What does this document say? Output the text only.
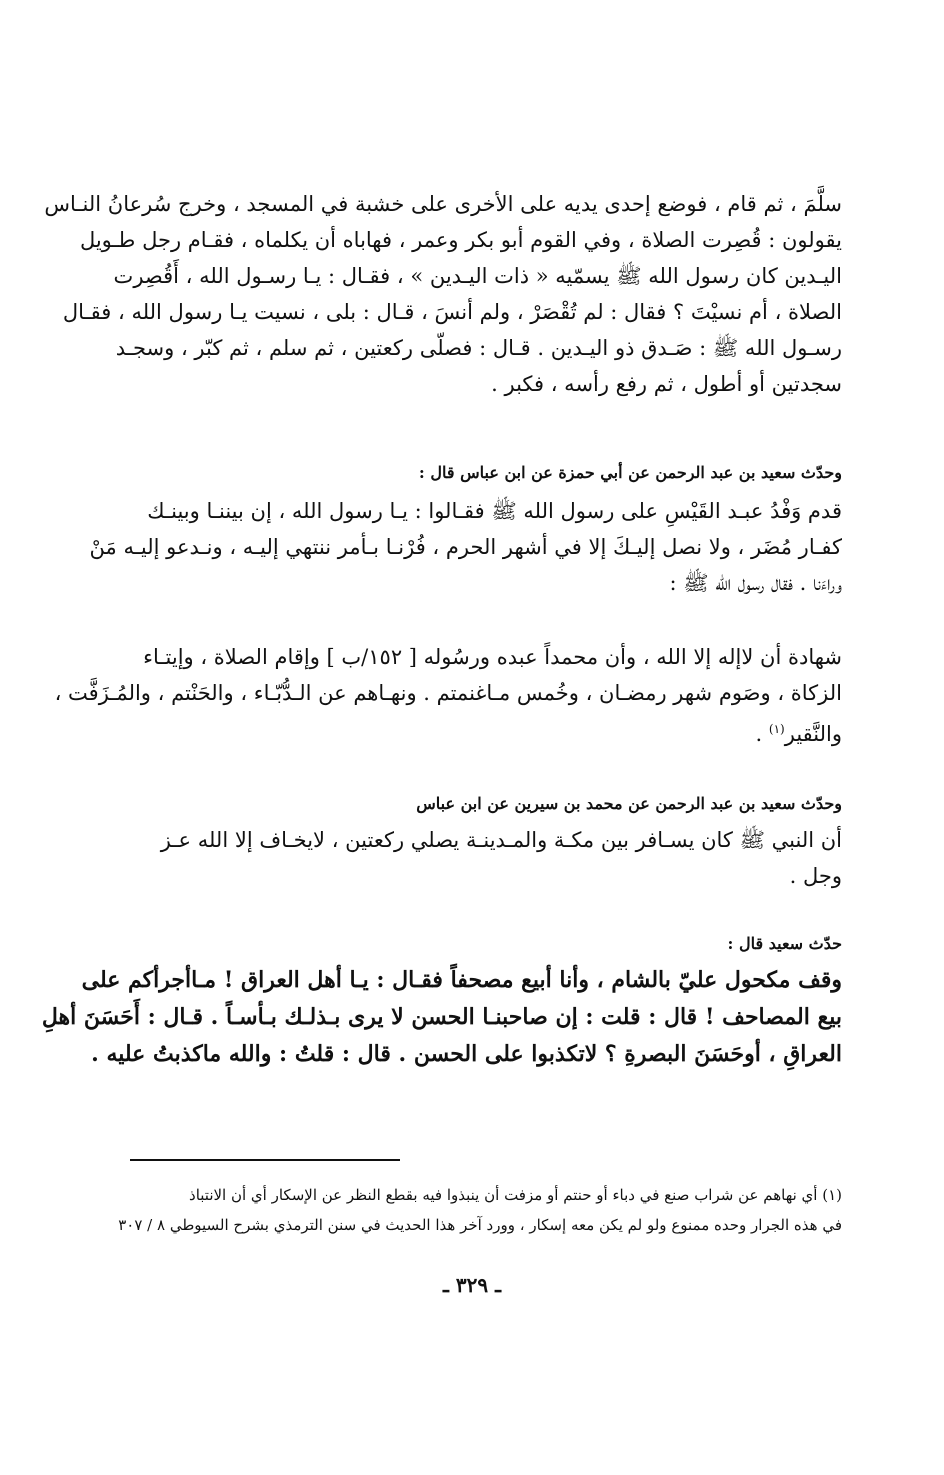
سلَّمَ ، ثم قام ، فوضع إحدى يديه على الأخرى على خشبة في المسجد ، وخرج سُرعانُ النـاس
يقولون : قُصِرت الصلاة ، وفي القوم أبو بكر وعمر ، فهاباه أن يكلماه ، فقـام رجل طـويل
اليـدين كان رسول الله ﷺ يسمّيه « ذات اليـدين » ، فقـال : يـا رسـول الله ، أَقُصِرت
الصلاة ، أم نسيْتَ ؟ فقال : لم تُقْصَرْ ، ولم أنسَ ، قـال : بلى ، نسيت يـا رسول الله ، فقـال
رسـول الله ﷺ : صَـدق ذو اليـدين . قـال : فصلّى ركعتين ، ثم سلم ، ثم كبّر ، وسجـد
سجدتين أو أطول ، ثم رفع رأسه ، فكبر .
وحدّث سعيد بن عبد الرحمن عن أبي حمزة عن ابن عباس قال :
قدم وَفْدُ عبـد القَيْسِ على رسول الله ﷺ فقـالوا : يـا رسول الله ، إن بيننـا وبينـك
كفـار مُضَر ، ولا نصل إليـكَ إلا في أشهر الحرم ، فُرْنـا بـأمر ننتهي إليـه ، ونـدعو إليـه مَنْ
وراءَنا . فقال رسول الله ﷺ :
شهادة أن لاإله إلا الله ، وأن محمداً عبده ورسُوله [ ١٥٢/ب ] وإقام الصلاة ، وإيتـاء
الزكاة ، وصَوم شهر رمضـان ، وخُمس مـاغنمتم . ونهـاهم عن الـدُّبّـاء ، والحَنْتم ، والمُـزَفَّت ،
والنَّقير$^{(١)}$ .
وحدّث سعيد بن عبد الرحمن عن محمد بن سيرين عن ابن عباس
أن النبي ﷺ كان يسـافر بين مكـة والمـدينـة يصلي ركعتين ، لايخـاف إلا الله عـز
وجل .
حدّث سعيد قال :
وقف مكحول عليّ بالشام ، وأنا أبيع مصحفاً فقـال : يـا أهل العراق ! مـاأجرأكم على
بيع المصاحف ! قال : قلت : إن صاحبنـا الحسن لا يرى بـذلـك بـأسـاً . قـال : أَحَسَنَ أهلِ
العراقِ ، أوحَسَنَ البصرةِ ؟ لاتكذبوا على الحسن . قال : قلتُ : والله ماكذبتُ عليه .
(١) أي نهاهم عن شراب صنع في دباء أو حنتم أو مزفت أن ينبذوا فيه بقطع النظر عن الإسكار أي أن الانتباذ
في هذه الجرار وحده ممنوع ولو لم يكن معه إسكار ، وورد آخر هذا الحديث في سنن الترمذي بشرح السيوطي ٨ / ٣٠٧
ـ ٣٢٩ ـ
